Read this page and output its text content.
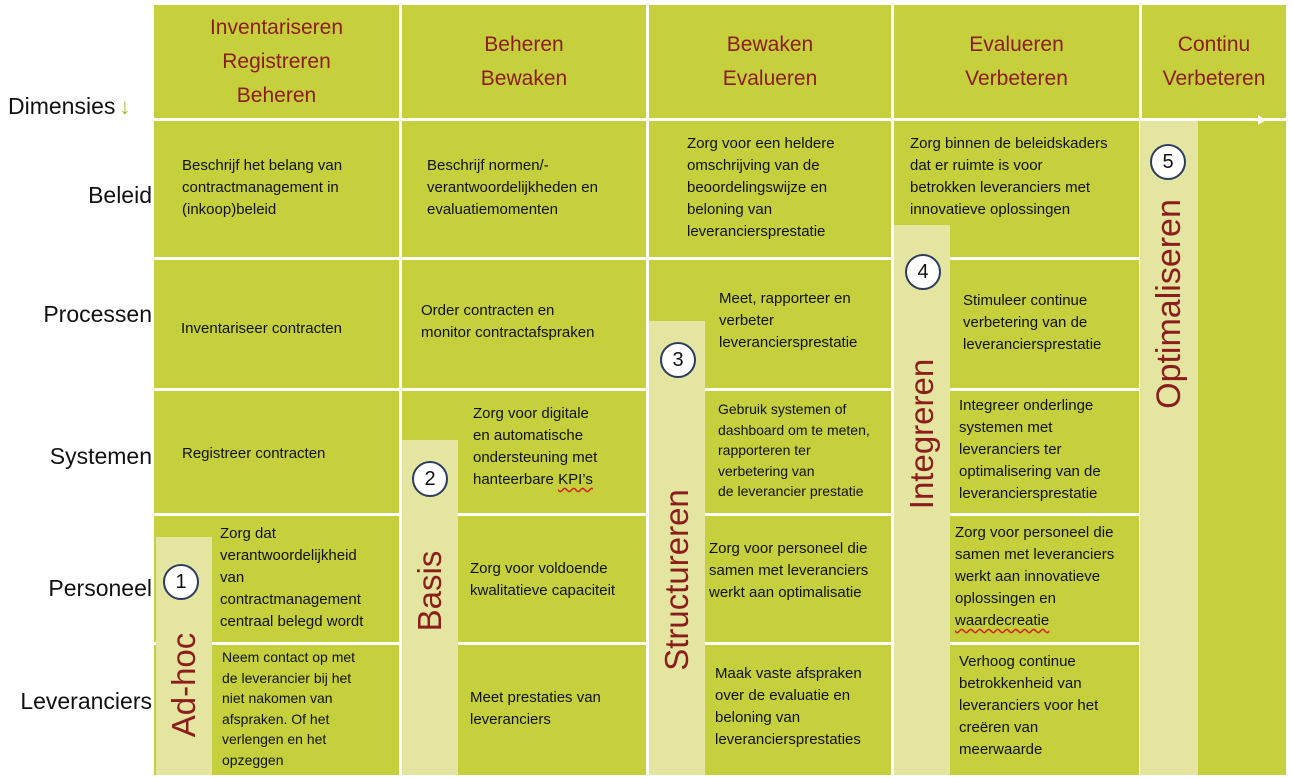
Dimensies ↓
Beleid
Processen
Systemen
Personeel
Leveranciers
Inventariseren
Registreren
Beheren
Beheren
Bewaken
Bewaken
Evalueren
Evalueren
Verbeteren
Continu
Verbeteren
Beschrijf het belang van
contractmanagement in
(inkoop)beleid
Inventariseer contracten
Registreer contracten
Zorg dat
verantwoordelijkheid
van
contractmanagement
centraal belegd wordt
Neem contact op met
de leverancier bij het
niet nakomen van
afspraken. Of het
verlengen en het
opzeggen
Beschrijf normen/-
verantwoordelijkheden en
evaluatiemomenten
Order contracten en
monitor contractafspraken
Zorg voor digitale
en automatische
ondersteuning met
hanteerbare KPI’s
Zorg voor voldoende
kwalitatieve capaciteit
Meet prestaties van
leveranciers
Zorg voor een heldere
omschrijving van de
beoordelingswijze en
beloning van
leveranciersprestatie
Meet, rapporteer en
verbeter
leveranciersprestatie
Gebruik systemen of
dashboard om te meten,
rapporteren ter
verbetering van
de leverancier prestatie
Zorg voor personeel die
samen met leveranciers
werkt aan optimalisatie
Maak vaste afspraken
over de evaluatie en
beloning van
leveranciersprestaties
Zorg binnen de beleidskaders
dat er ruimte is voor
betrokken leveranciers met
innovatieve oplossingen
Stimuleer continue
verbetering van de
leveranciersprestatie
Integreer onderlinge
systemen met
leveranciers ter
optimalisering van de
leveranciersprestatie
Zorg voor personeel die
samen met leveranciers
werkt aan innovatieve
oplossingen en
waardecreatie
Verhoog continue
betrokkenheid van
leveranciers voor het
creëren van
meerwaarde
Ad-hoc
Basis	Structureren
Integreren
Optimaliseren
1
2
3
4
5
